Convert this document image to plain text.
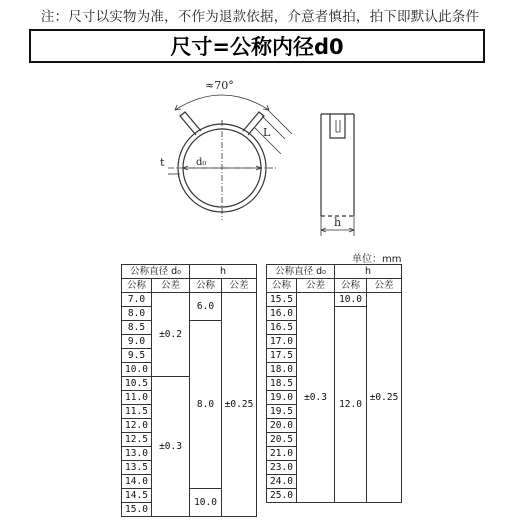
注：尺寸以实物为准，不作为退款依据，介意者慎拍，拍下即默认此条件
尺寸=公称内径d0
≈70°
L
t	d₀
h
单位：mm
公称直径 d₀		h	
公称	公差	公称	公差
7.0	±0.2	6.0	±0.25
8.0			
8.5		8.0	
9.0			
9.5			
10.0			
10.5	±0.3		
11.0			
11.5			
12.0			
12.5			
13.0			
13.5			
14.0			
14.5		10.0	
15.0			
公称直径 d₀		h	
公称	公差	公称	公差
15.5	±0.3	10.0	±0.25
16.0		12.0	
16.5			
17.0			
17.5			
18.0			
18.5			
19.0			
19.5			
20.0			
20.5			
21.0			
23.0			
24.0			
25.0			
